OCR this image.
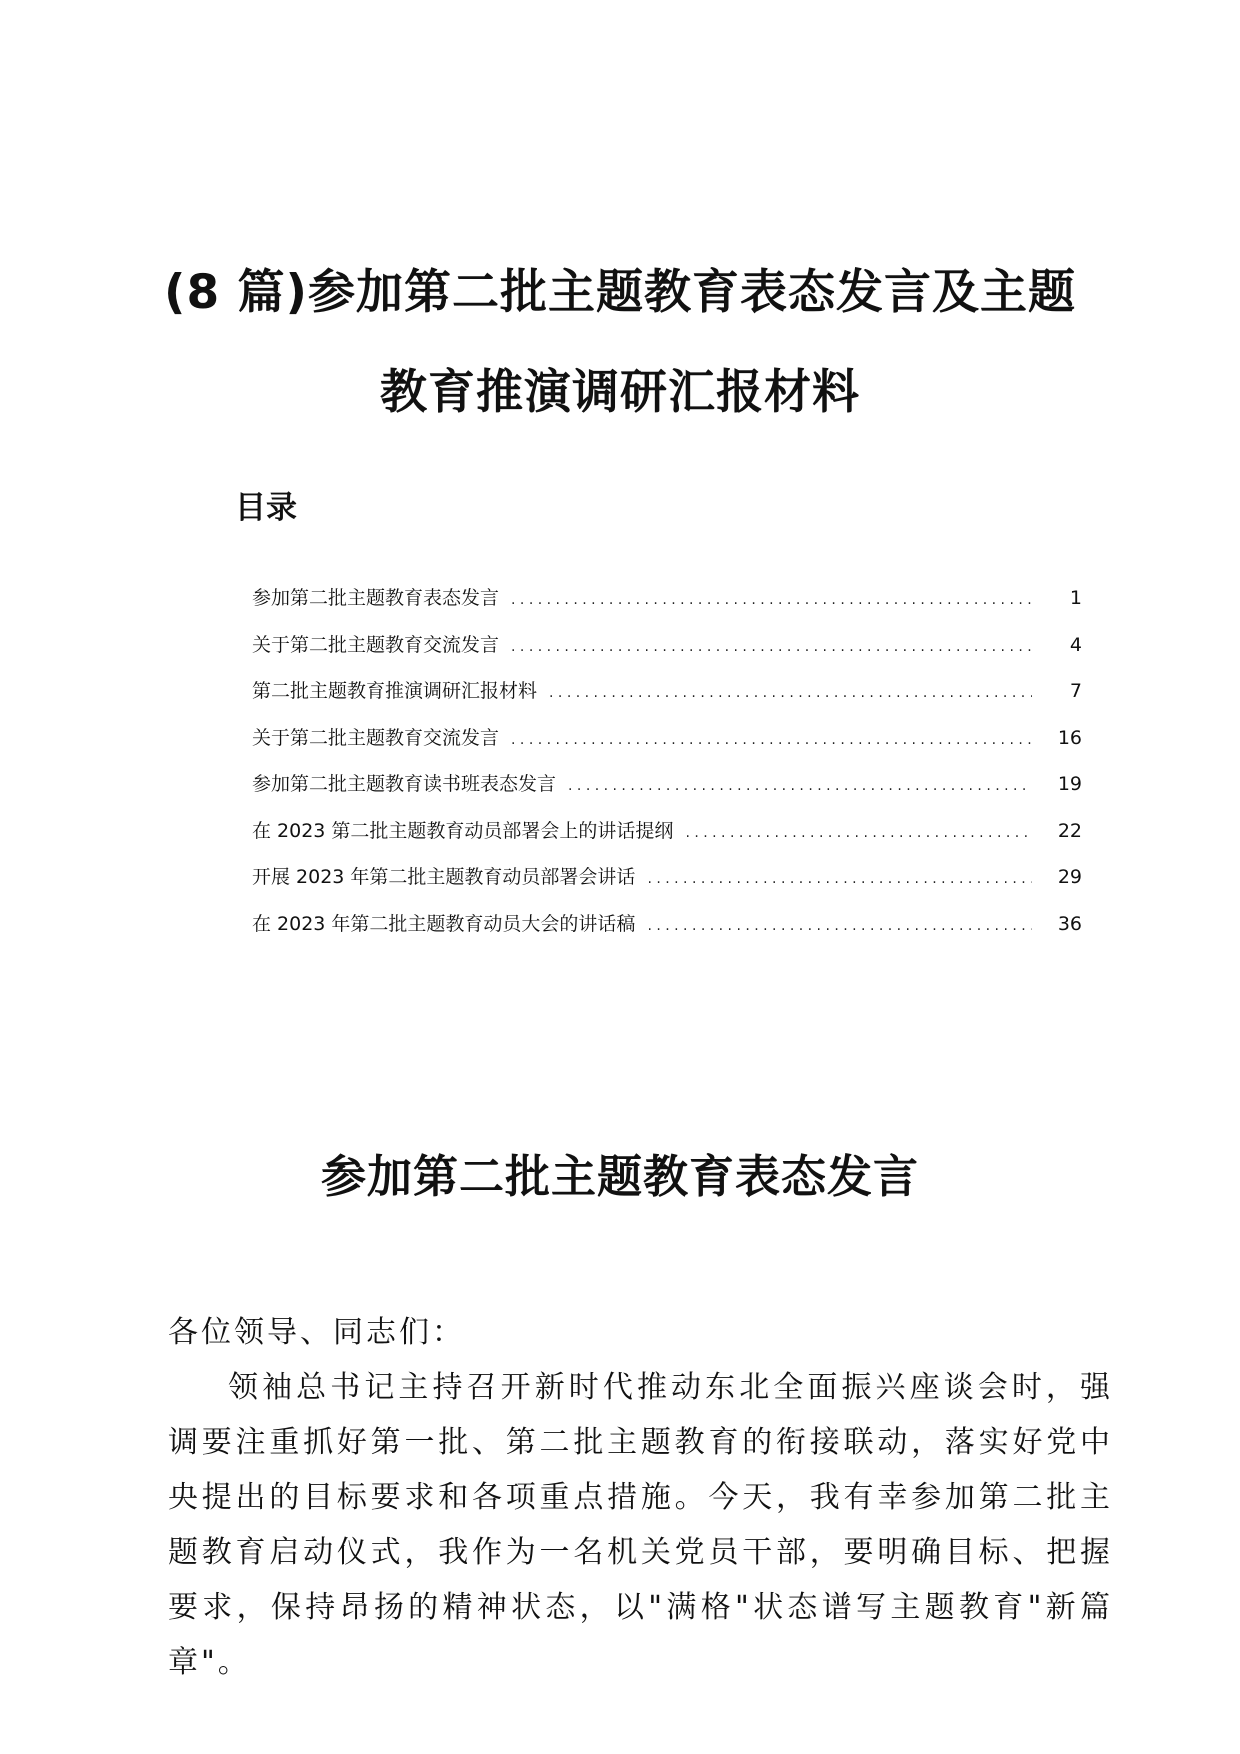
(8 篇)参加第二批主题教育表态发言及主题
教育推演调研汇报材料
目录
参加第二批主题教育表态发言 . . .	1
关于第二批主题教育交流发言 . . .	4
第二批主题教育推演调研汇报材料 . . .	7
关于第二批主题教育交流发言 . . .	16
参加第二批主题教育读书班表态发言 . . .	19
在 2023 第二批主题教育动员部署会上的讲话提纲 . . .	22
开展 2023 年第二批主题教育动员部署会讲话 . . .	29
在 2023 年第二批主题教育动员大会的讲话稿 . . .	36
参加第二批主题教育表态发言

各位领导、同志们：

领袖总书记主持召开新时代推动东北全面振兴座谈会时，强调要注重抓好第一批、第二批主题教育的衔接联动，落实好党中央提出的目标要求和各项重点措施。今天，我有幸参加第二批主题教育启动仪式，我作为一名机关党员干部，要明确目标、把握要求，保持昂扬的精神状态，以"满格"状态谱写主题教育"新篇章"。
